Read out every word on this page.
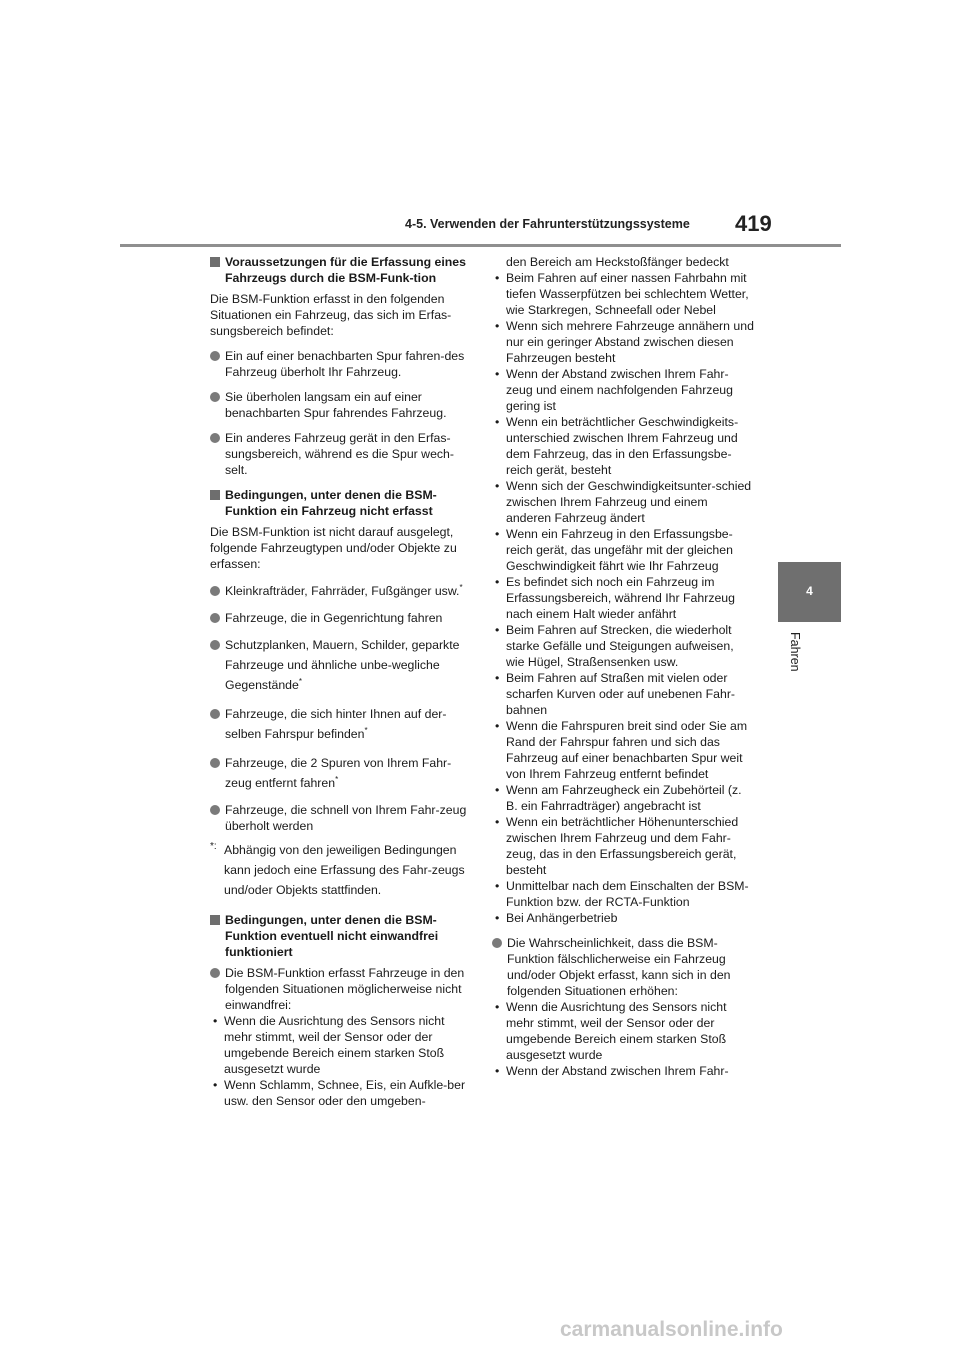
4-5. Verwenden der Fahrunterstützungssysteme 419
4
Fahren
Voraussetzungen für die Erfassung eines Fahrzeugs durch die BSM-Funk-tion

Die BSM-Funktion erfasst in den folgenden Situationen ein Fahrzeug, das sich im Erfas-sungsbereich befindet:

Ein auf einer benachbarten Spur fahren-des Fahrzeug überholt Ihr Fahrzeug.
Sie überholen langsam ein auf einer benachbarten Spur fahrendes Fahrzeug.
Ein anderes Fahrzeug gerät in den Erfas-sungsbereich, während es die Spur wech-selt.
Bedingungen, unter denen die BSM-Funktion ein Fahrzeug nicht erfasst

Die BSM-Funktion ist nicht darauf ausgelegt, folgende Fahrzeugtypen und/oder Objekte zu erfassen:

Kleinkrafträder, Fahrräder, Fußgänger usw.*
Fahrzeuge, die in Gegenrichtung fahren
Schutzplanken, Mauern, Schilder, geparkte Fahrzeuge und ähnliche unbe-wegliche Gegenstände*
Fahrzeuge, die sich hinter Ihnen auf der-selben Fahrspur befinden*
Fahrzeuge, die 2 Spuren von Ihrem Fahr-zeug entfernt fahren*
Fahrzeuge, die schnell von Ihrem Fahr-zeug überholt werden
*: Abhängig von den jeweiligen Bedingungen kann jedoch eine Erfassung des Fahr-zeugs und/oder Objekts stattfinden.
Bedingungen, unter denen die BSM-Funktion eventuell nicht einwandfrei funktioniert
Die BSM-Funktion erfasst Fahrzeuge in den folgenden Situationen möglicherweise nicht einwandfrei:
• Wenn die Ausrichtung des Sensors nicht mehr stimmt, weil der Sensor oder der umgebende Bereich einem starken Stoß ausgesetzt wurde
• Wenn Schlamm, Schnee, Eis, ein Aufkle-ber usw. den Sensor oder den umgeben-

den Bereich am Heckstoßfänger bedeckt

• Beim Fahren auf einer nassen Fahrbahn mit tiefen Wasserpfützen bei schlechtem Wetter, wie Starkregen, Schneefall oder Nebel
• Wenn sich mehrere Fahrzeuge annähern und nur ein geringer Abstand zwischen diesen Fahrzeugen besteht
• Wenn der Abstand zwischen Ihrem Fahr-zeug und einem nachfolgenden Fahrzeug gering ist
• Wenn ein beträchtlicher Geschwindigkeits-unterschied zwischen Ihrem Fahrzeug und dem Fahrzeug, das in den Erfassungsbe-reich gerät, besteht
• Wenn sich der Geschwindigkeitsunter-schied zwischen Ihrem Fahrzeug und einem anderen Fahrzeug ändert
• Wenn ein Fahrzeug in den Erfassungsbe-reich gerät, das ungefähr mit der gleichen Geschwindigkeit fährt wie Ihr Fahrzeug
• Es befindet sich noch ein Fahrzeug im Erfassungsbereich, während Ihr Fahrzeug nach einem Halt wieder anfährt
• Beim Fahren auf Strecken, die wiederholt starke Gefälle und Steigungen aufweisen, wie Hügel, Straßensenken usw.
• Beim Fahren auf Straßen mit vielen oder scharfen Kurven oder auf unebenen Fahr-bahnen
• Wenn die Fahrspuren breit sind oder Sie am Rand der Fahrspur fahren und sich das Fahrzeug auf einer benachbarten Spur weit von Ihrem Fahrzeug entfernt befindet
• Wenn am Fahrzeugheck ein Zubehörteil (z. B. ein Fahrradträger) angebracht ist
• Wenn ein beträchtlicher Höhenunterschied zwischen Ihrem Fahrzeug und dem Fahr-zeug, das in den Erfassungsbereich gerät, besteht
• Unmittelbar nach dem Einschalten der BSM-Funktion bzw. der RCTA-Funktion
• Bei Anhängerbetrieb
Die Wahrscheinlichkeit, dass die BSM-Funktion fälschlicherweise ein Fahrzeug und/oder Objekt erfasst, kann sich in den folgenden Situationen erhöhen:
• Wenn die Ausrichtung des Sensors nicht mehr stimmt, weil der Sensor oder der umgebende Bereich einem starken Stoß ausgesetzt wurde
• Wenn der Abstand zwischen Ihrem Fahr-
carmanualsonline.info
